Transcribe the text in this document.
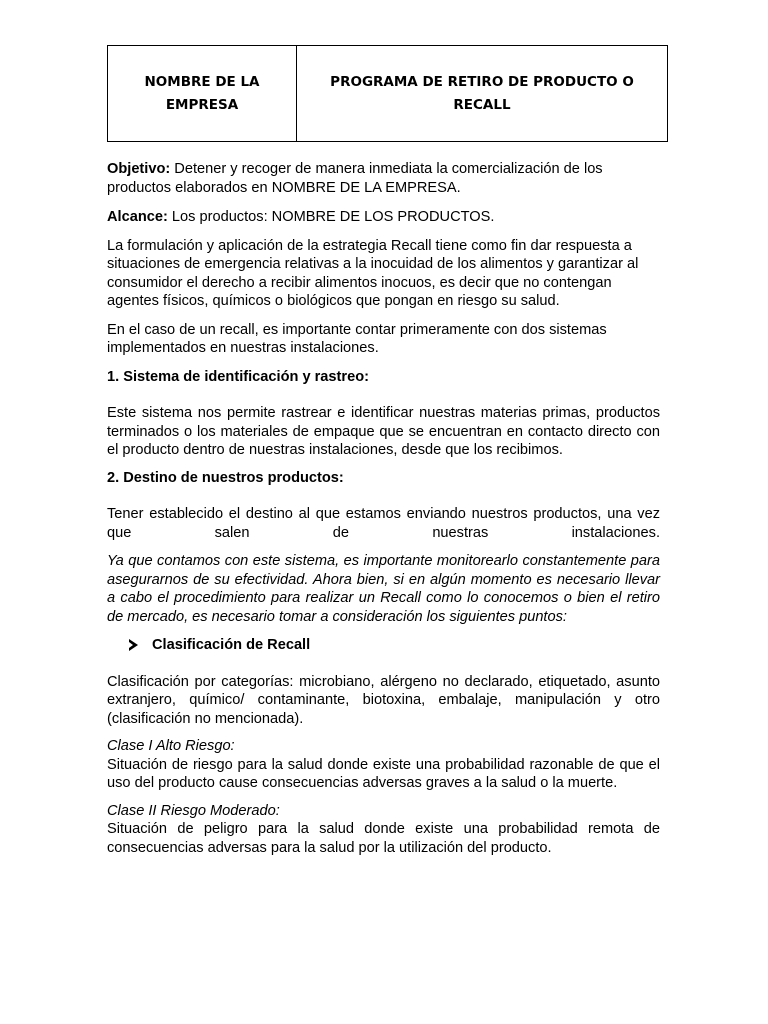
NOMBRE DE LA
EMPRESA	PROGRAMA DE RETIRO DE PRODUCTO O
RECALL

Objetivo: Detener y recoger de manera inmediata la comercialización de los productos elaborados en NOMBRE DE LA EMPRESA.

Alcance: Los productos: NOMBRE DE LOS PRODUCTOS.

La formulación y aplicación de la estrategia Recall tiene como fin dar respuesta a situaciones de emergencia relativas a la inocuidad de los alimentos y garantizar al consumidor el derecho a recibir alimentos inocuos, es decir que no contengan agentes físicos, químicos o biológicos que pongan en riesgo su salud.

En el caso de un recall, es importante contar primeramente con dos sistemas implementados en nuestras instalaciones.

1. Sistema de identificación y rastreo:

Este sistema nos permite rastrear e identificar nuestras materias primas, productos terminados o los materiales de empaque que se encuentran en contacto directo con el producto dentro de nuestras instalaciones, desde que los recibimos.

2. Destino de nuestros productos:

Tener establecido el destino al que estamos enviando nuestros productos, una vez que salen de nuestras instalaciones.

Ya que contamos con este sistema, es importante monitorearlo constantemente para asegurarnos de su efectividad. Ahora bien, si en algún momento es necesario llevar a cabo el procedimiento para realizar un Recall como lo conocemos o bien el retiro de mercado, es necesario tomar a consideración los siguientes puntos:

Clasificación de Recall

Clasificación por categorías: microbiano, alérgeno no declarado, etiquetado, asunto extranjero, químico/ contaminante, biotoxina, embalaje, manipulación y otro (clasificación no mencionada).

Clase I Alto Riesgo:

Situación de riesgo para la salud donde existe una probabilidad razonable de que el uso del producto cause consecuencias adversas graves a la salud o la muerte.

Clase II Riesgo Moderado:

Situación de peligro para la salud donde existe una probabilidad remota de consecuencias adversas para la salud por la utilización del producto.
